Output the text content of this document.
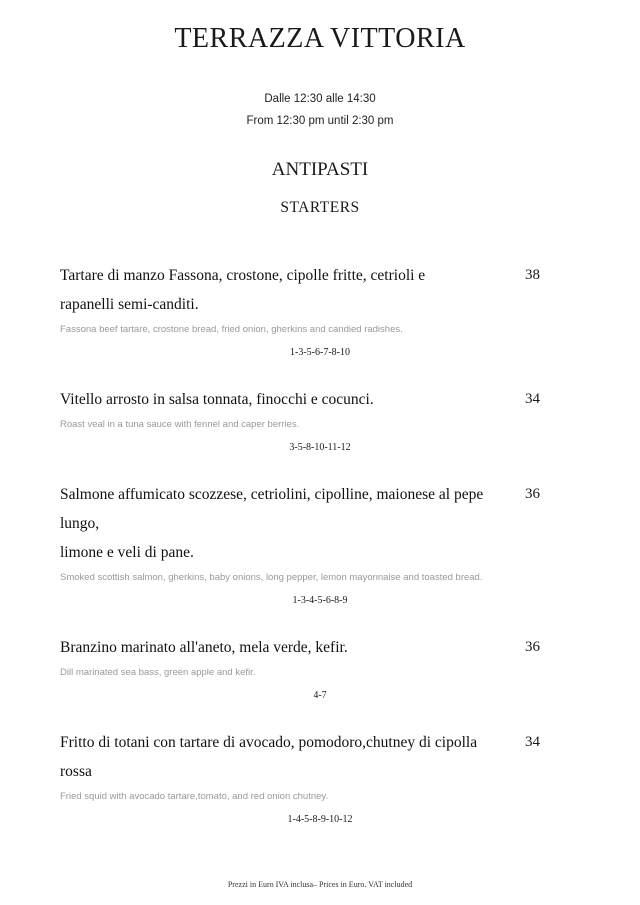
TERRAZZA VITTORIA
Dalle 12:30 alle 14:30
From 12:30 pm until 2:30 pm
ANTIPASTI
STARTERS
Tartare di manzo Fassona, crostone, cipolle fritte, cetrioli e
rapanelli semi-canditi.
38
Fassona beef tartare, crostone bread, fried onion, gherkins and candied radishes.
1-3-5-6-7-8-10
Vitello arrosto in salsa tonnata, finocchi e cocunci.	34
Roast veal in a tuna sauce with fennel and caper berries.
3-5-8-10-11-12
Salmone affumicato scozzese, cetriolini, cipolline, maionese al pepe lungo,
limone e veli di pane.
36
Smoked scottish salmon, gherkins, baby onions, long pepper, lemon mayonnaise and toasted bread.
1-3-4-5-6-8-9
Branzino marinato all'aneto, mela verde, kefir.	36
Dill marinated sea bass, green apple and kefir.
4-7
Fritto di totani con tartare di avocado, pomodoro,chutney di cipolla rossa
34
Fried squid with avocado tartare,tomato, and red onion chutney.
1-4-5-8-9-10-12
Prezzi in Euro IVA inclusa– Prices in Euro. VAT included
